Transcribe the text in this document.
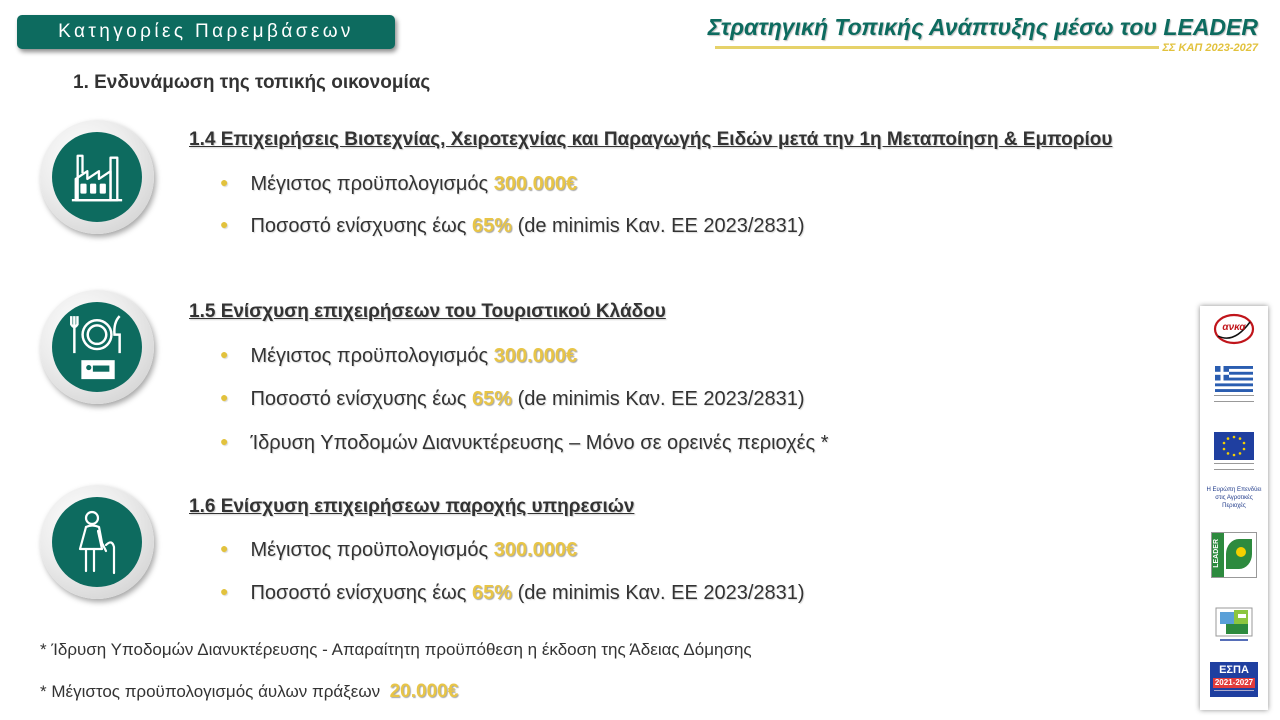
Κατηγορίες Παρεμβάσεων	Στρατηγική Τοπικής Ανάπτυξης μέσω του LEADER
ΣΣ ΚΑΠ 2023-2027
1. Ενδυνάμωση της τοπικής οικονομίας
1.4 Επιχειρήσεις Βιοτεχνίας, Χειροτεχνίας και Παραγωγής Ειδών μετά την 1η Μεταποίηση & Εμπορίου
● Μέγιστος προϋπολογισμός 300.000€
● Ποσοστό ενίσχυσης έως 65% (de minimis Καν. ΕΕ 2023/2831)
1.5 Ενίσχυση επιχειρήσεων του Τουριστικού Κλάδου
● Μέγιστος προϋπολογισμός 300.000€
● Ποσοστό ενίσχυσης έως 65% (de minimis Καν. ΕΕ 2023/2831)
● Ίδρυση Υποδομών Διανυκτέρευσης – Μόνο σε ορεινές περιοχές *
1.6 Ενίσχυση επιχειρήσεων παροχής υπηρεσιών
● Μέγιστος προϋπολογισμός 300.000€
● Ποσοστό ενίσχυσης έως 65% (de minimis Καν. ΕΕ 2023/2831)
* Ίδρυση Υποδομών Διανυκτέρευσης - Απαραίτητη προϋπόθεση η έκδοση της Άδειας Δόμησης
* Μέγιστος προϋπολογισμός άυλων πράξεων 20.000€
ανκα
Η Ευρώπη Επενδύει στις Αγροτικές Περιοχές
LEADER
ΕΣΠΑ
2021-2027
